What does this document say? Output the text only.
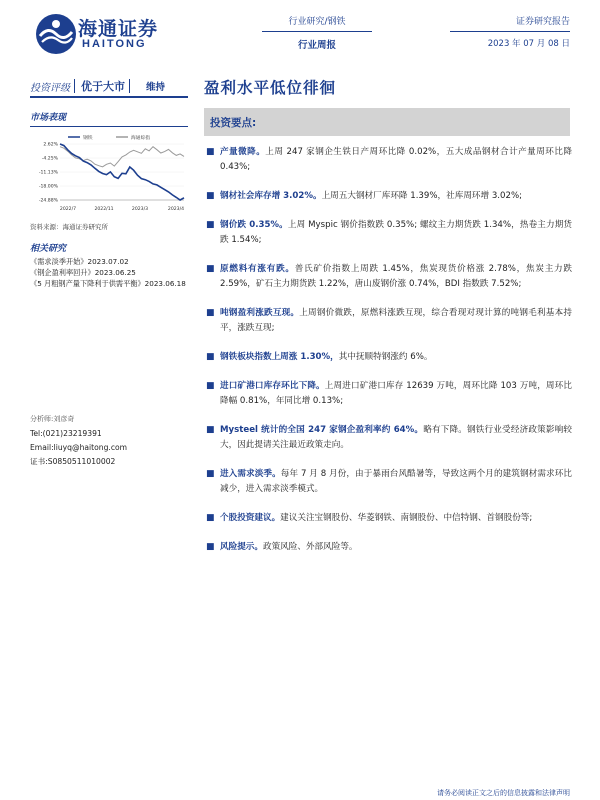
海通证券
HAITONG
行业研究/钢铁
行业周报
证券研究报告
2023 年 07 月 08 日
投资评级 优于大市 维持	盈利水平低位徘徊
市场表现
钢铁	海通综指
2.62%
-4.25%
-11.13%
-18.00%
-24.88%
2022/7	2022/11	2023/3	2023/4
资料来源：海通证券研究所
相关研究
《需求淡季开始》2023.07.02
《钢企盈利率回升》2023.06.25
《5 月粗钢产量下降利于供需平衡》2023.06.18
分析师:刘彦奇
Tel:(021)23219391
Email:liuyq@haitong.com
证书:S0850511010002
投资要点:
■ 产量微降。上周 247 家钢企生铁日产周环比降 0.02%，五大成品钢材合计产量周环比降 0.43%;
■ 钢材社会库存增 3.02%。上周五大钢材厂库环降 1.39%，社库周环增 3.02%;
■ 钢价跌 0.35%。上周 Myspic 钢价指数跌 0.35%; 螺纹主力期货跌 1.34%，热卷主力期货跌 1.54%;
■ 原燃料有涨有跌。普氏矿价指数上周跌 1.45%，焦炭现货价格涨 2.78%，焦炭主力跌 2.59%，矿石主力期货跌 1.22%，唐山废钢价涨 0.74%，BDI 指数跌 7.52%;
■ 吨钢盈利涨跌互现。上周钢价微跌，原燃料涨跌互现，综合看现对现计算的吨钢毛利基本持平，涨跌互现;
■ 钢铁板块指数上周涨 1.30%，其中抚顺特钢涨约 6%。
■ 进口矿港口库存环比下降。上周进口矿港口库存 12639 万吨，周环比降 103 万吨，周环比降幅 0.81%，年同比增 0.13%;
■ Mysteel 统计的全国 247 家钢企盈利率约 64%。略有下降。钢铁行业受经济政策影响较大，因此提请关注最近政策走向。
■ 进入需求淡季。每年 7 月 8 月份，由于暴雨台风酷暑等，导致这两个月的建筑钢材需求环比减少，进入需求淡季模式。
■ 个股投资建议。建议关注宝钢股份、华菱钢铁、南钢股份、中信特钢、首钢股份等;
■ 风险提示。政策风险、外部风险等。
请务必阅读正文之后的信息披露和法律声明
